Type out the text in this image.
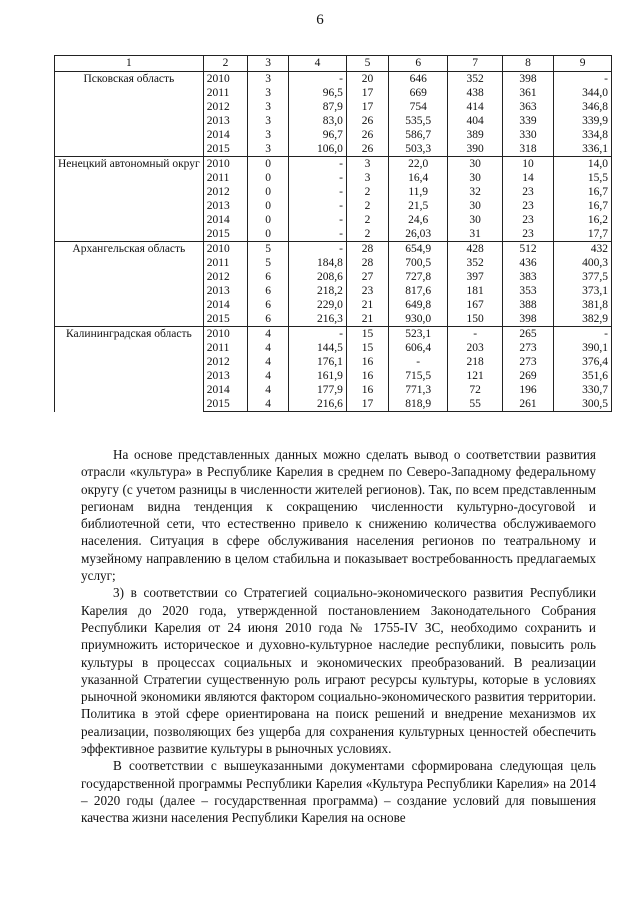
6
1	2	3	4	5	6	7	8	9
Псковская область	2010	3	-	20	646	352	398	-
	2011	3	96,5	17	669	438	361	344,0
	2012	3	87,9	17	754	414	363	346,8
	2013	3	83,0	26	535,5	404	339	339,9
	2014	3	96,7	26	586,7	389	330	334,8
	2015	3	106,0	26	503,3	390	318	336,1
Ненецкий автономный округ	2010	0	-	3	22,0	30	10	14,0
	2011	0	-	3	16,4	30	14	15,5
	2012	0	-	2	11,9	32	23	16,7
	2013	0	-	2	21,5	30	23	16,7
	2014	0	-	2	24,6	30	23	16,2
	2015	0	-	2	26,03	31	23	17,7
Архангельская область	2010	5	-	28	654,9	428	512	432
	2011	5	184,8	28	700,5	352	436	400,3
	2012	6	208,6	27	727,8	397	383	377,5
	2013	6	218,2	23	817,6	181	353	373,1
	2014	6	229,0	21	649,8	167	388	381,8
	2015	6	216,3	21	930,0	150	398	382,9
Калининградская область	2010	4	-	15	523,1	-	265	-
	2011	4	144,5	15	606,4	203	273	390,1
	2012	4	176,1	16	-	218	273	376,4
	2013	4	161,9	16	715,5	121	269	351,6
	2014	4	177,9	16	771,3	72	196	330,7
	2015	4	216,6	17	818,9	55	261	300,5

На основе представленных данных можно сделать вывод о соответствии развития отрасли «культура» в Республике Карелия в среднем по Северо-Западному федеральному округу (с учетом разницы в численности жителей регионов). Так, по всем представленным регионам видна тенденция к сокращению численности культурно-досуговой и библиотечной сети, что естественно привело к снижению количества обслуживаемого населения. Ситуация в сфере обслуживания населения регионов по театральному и музейному направлению в целом стабильна и показывает востребованность предлагаемых услуг;

3) в соответствии со Стратегией социально-экономического развития Республики Карелия до 2020 года, утвержденной постановлением Законодательного Собрания Республики Карелия от 24 июня 2010 года № 1755-IV ЗС, необходимо сохранить и приумножить историческое и духовно-культурное наследие республики, повысить роль культуры в процессах социальных и экономических преобразований. В реализации указанной Стратегии существенную роль играют ресурсы культуры, которые в условиях рыночной экономики являются фактором социально-экономического развития территории. Политика в этой сфере ориентирована на поиск решений и внедрение механизмов их реализации, позволяющих без ущерба для сохранения культурных ценностей обеспечить эффективное развитие культуры в рыночных условиях.

В соответствии с вышеуказанными документами сформирована следующая цель государственной программы Республики Карелия «Культура Республики Карелия» на 2014 – 2020 годы (далее – государственная программа) – создание условий для повышения качества жизни населения Республики Карелия на основе
